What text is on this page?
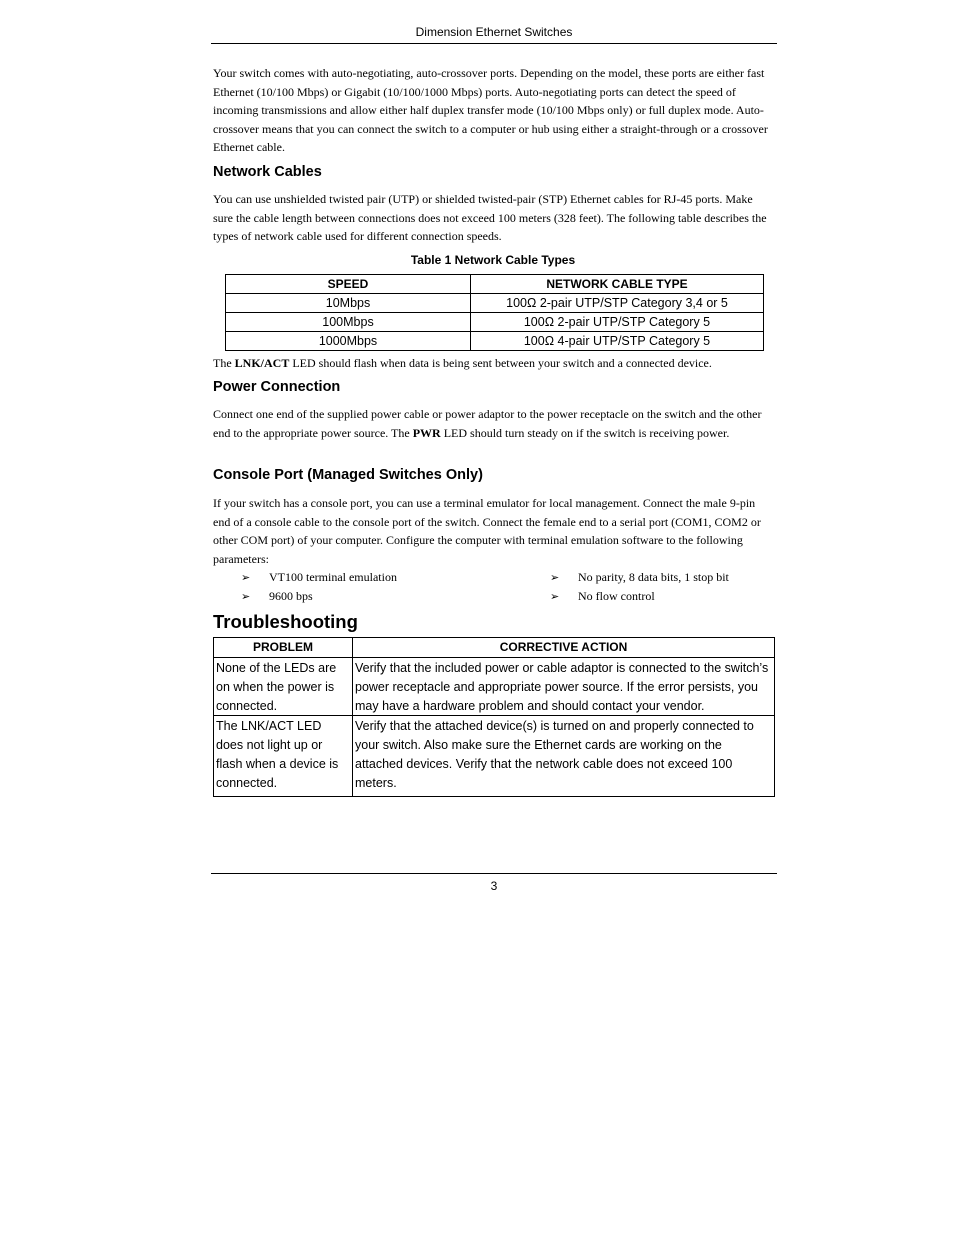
Dimension Ethernet Switches
Your switch comes with auto-negotiating, auto-crossover ports. Depending on the model, these ports are either fast Ethernet (10/100 Mbps) or Gigabit (10/100/1000 Mbps) ports. Auto-negotiating ports can detect the speed of incoming transmissions and allow either half duplex transfer mode (10/100 Mbps only) or full duplex mode. Auto-crossover means that you can connect the switch to a computer or hub using either a straight-through or a crossover Ethernet cable.
Network Cables
You can use unshielded twisted pair (UTP) or shielded twisted-pair (STP) Ethernet cables for RJ-45 ports. Make sure the cable length between connections does not exceed 100 meters (328 feet). The following table describes the types of network cable used for different connection speeds.
Table 1 Network Cable Types
SPEED	NETWORK CABLE TYPE
10Mbps	100Ω 2-pair UTP/STP Category 3,4 or 5
100Mbps	100Ω 2-pair UTP/STP Category 5
1000Mbps	100Ω 4-pair UTP/STP Category 5
The LNK/ACT LED should flash when data is being sent between your switch and a connected device.
Power Connection
Connect one end of the supplied power cable or power adaptor to the power receptacle on the switch and the other end to the appropriate power source. The PWR LED should turn steady on if the switch is receiving power.
Console Port (Managed Switches Only)
If your switch has a console port, you can use a terminal emulator for local management. Connect the male 9-pin end of a console cable to the console port of the switch. Connect the female end to a serial port (COM1, COM2 or other COM port) of your computer. Configure the computer with terminal emulation software to the following parameters:
➢ VT100 terminal emulation
➢ 9600 bps
➢ No parity, 8 data bits, 1 stop bit
➢ No flow control
Troubleshooting
PROBLEM	CORRECTIVE ACTION
None of the LEDs are on when the power is connected.	Verify that the included power or cable adaptor is connected to the switch’s power receptacle and appropriate power source. If the error persists, you may have a hardware problem and should contact your vendor.
The LNK/ACT LED does not light up or flash when a device is connected.	Verify that the attached device(s) is turned on and properly connected to your switch. Also make sure the Ethernet cards are working on the attached devices. Verify that the network cable does not exceed 100 meters.
3
